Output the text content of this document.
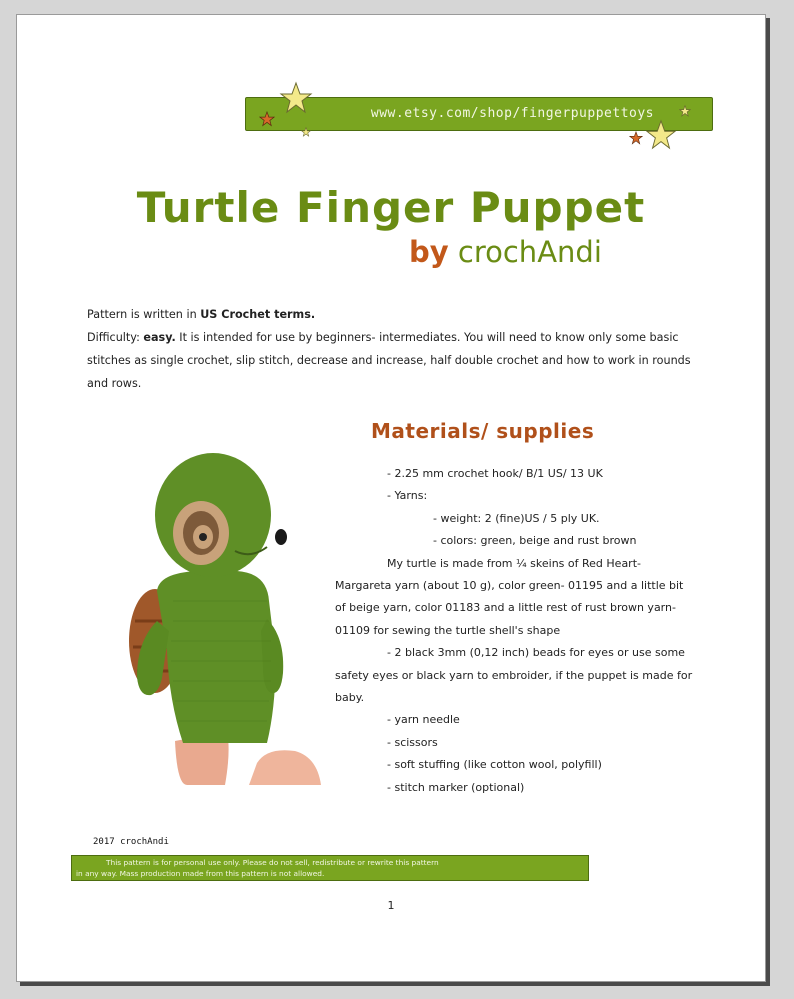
www.etsy.com/shop/fingerpuppettoys
Turtle Finger Puppet
by crochAndi
Pattern is written in US Crochet terms.
Difficulty: easy. It is intended for use by beginners- intermediates. You will need to know only some basic stitches as single crochet, slip stitch, decrease and increase, half double crochet and how to work in rounds and rows.
Materials/ supplies

- 2.25 mm crochet hook/ B/1 US/ 13 UK

- Yarns:

- weight: 2 (fine)US / 5 ply UK.

- colors: green, beige and rust brown

My turtle is made from ¼ skeins of Red Heart- Margareta yarn (about 10 g), color green- 01195 and a little bit of beige yarn, color 01183 and a little rest of rust brown yarn- 01109 for sewing the turtle shell's shape

- 2 black 3mm (0,12 inch) beads for eyes or use some safety eyes or black yarn to embroider, if the puppet is made for baby.

- yarn needle

- scissors

- soft stuffing (like cotton wool, polyfill)

- stitch marker (optional)

2017 crochAndi
This pattern is for personal use only. Please do not sell, redistribute or rewrite this pattern
in any way. Mass production made from this pattern is not allowed.
1
